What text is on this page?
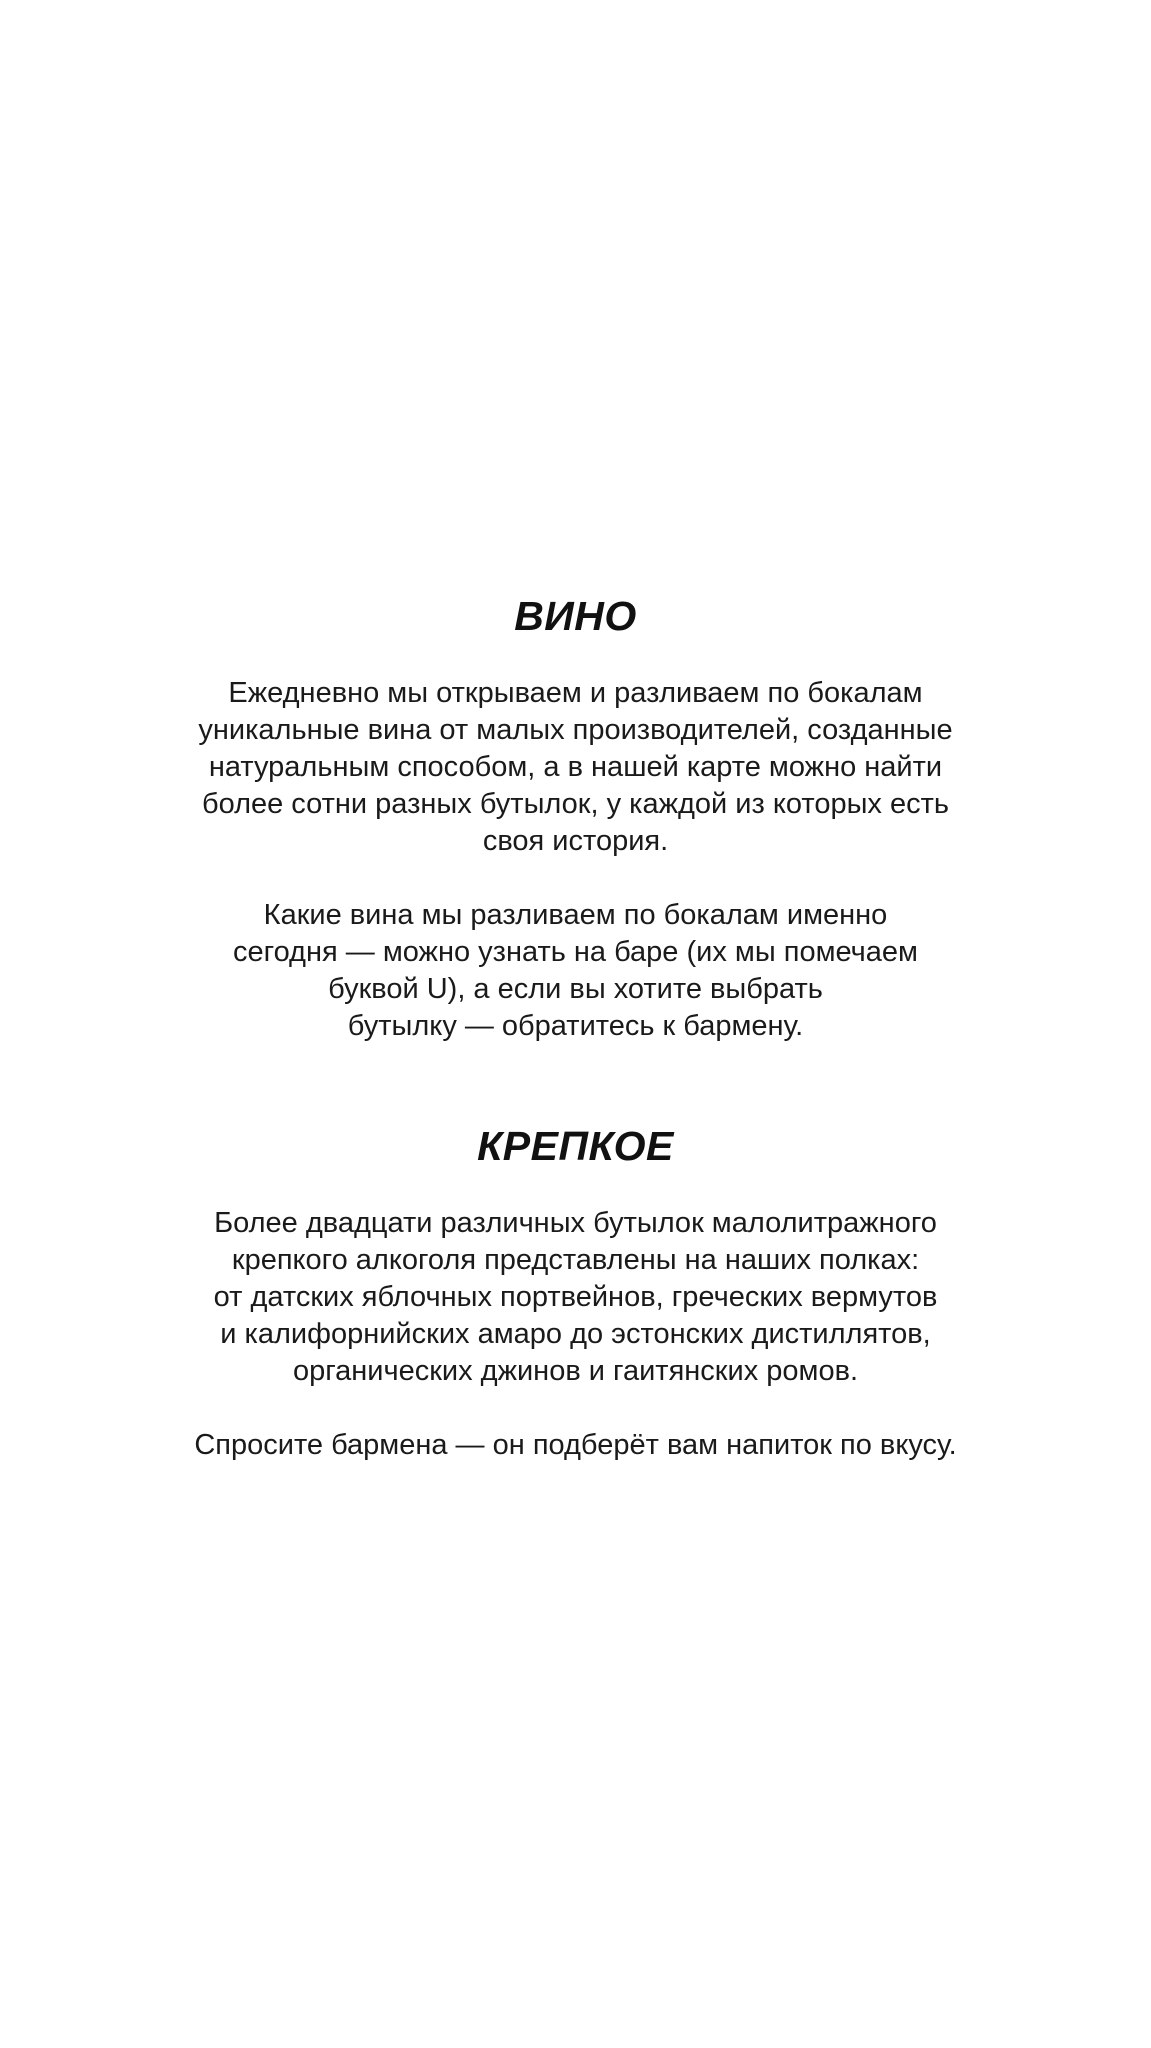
ВИНО

Ежедневно мы открываем и разливаем по бокалам
уникальные вина от малых производителей, созданные
натуральным способом, а в нашей карте можно найти
более сотни разных бутылок, у каждой из которых есть
своя история.

Какие вина мы разливаем по бокалам именно
сегодня — можно узнать на баре (их мы помечаем
буквой U), а если вы хотите выбрать
бутылку — обратитесь к бармену.

КРЕПКОЕ

Более двадцати различных бутылок малолитражного
крепкого алкоголя представлены на наших полках:
от датских яблочных портвейнов, греческих вермутов
и калифорнийских амаро до эстонских дистиллятов,
органических джинов и гаитянских ромов.

Спросите бармена — он подберёт вам напиток по вкусу.
